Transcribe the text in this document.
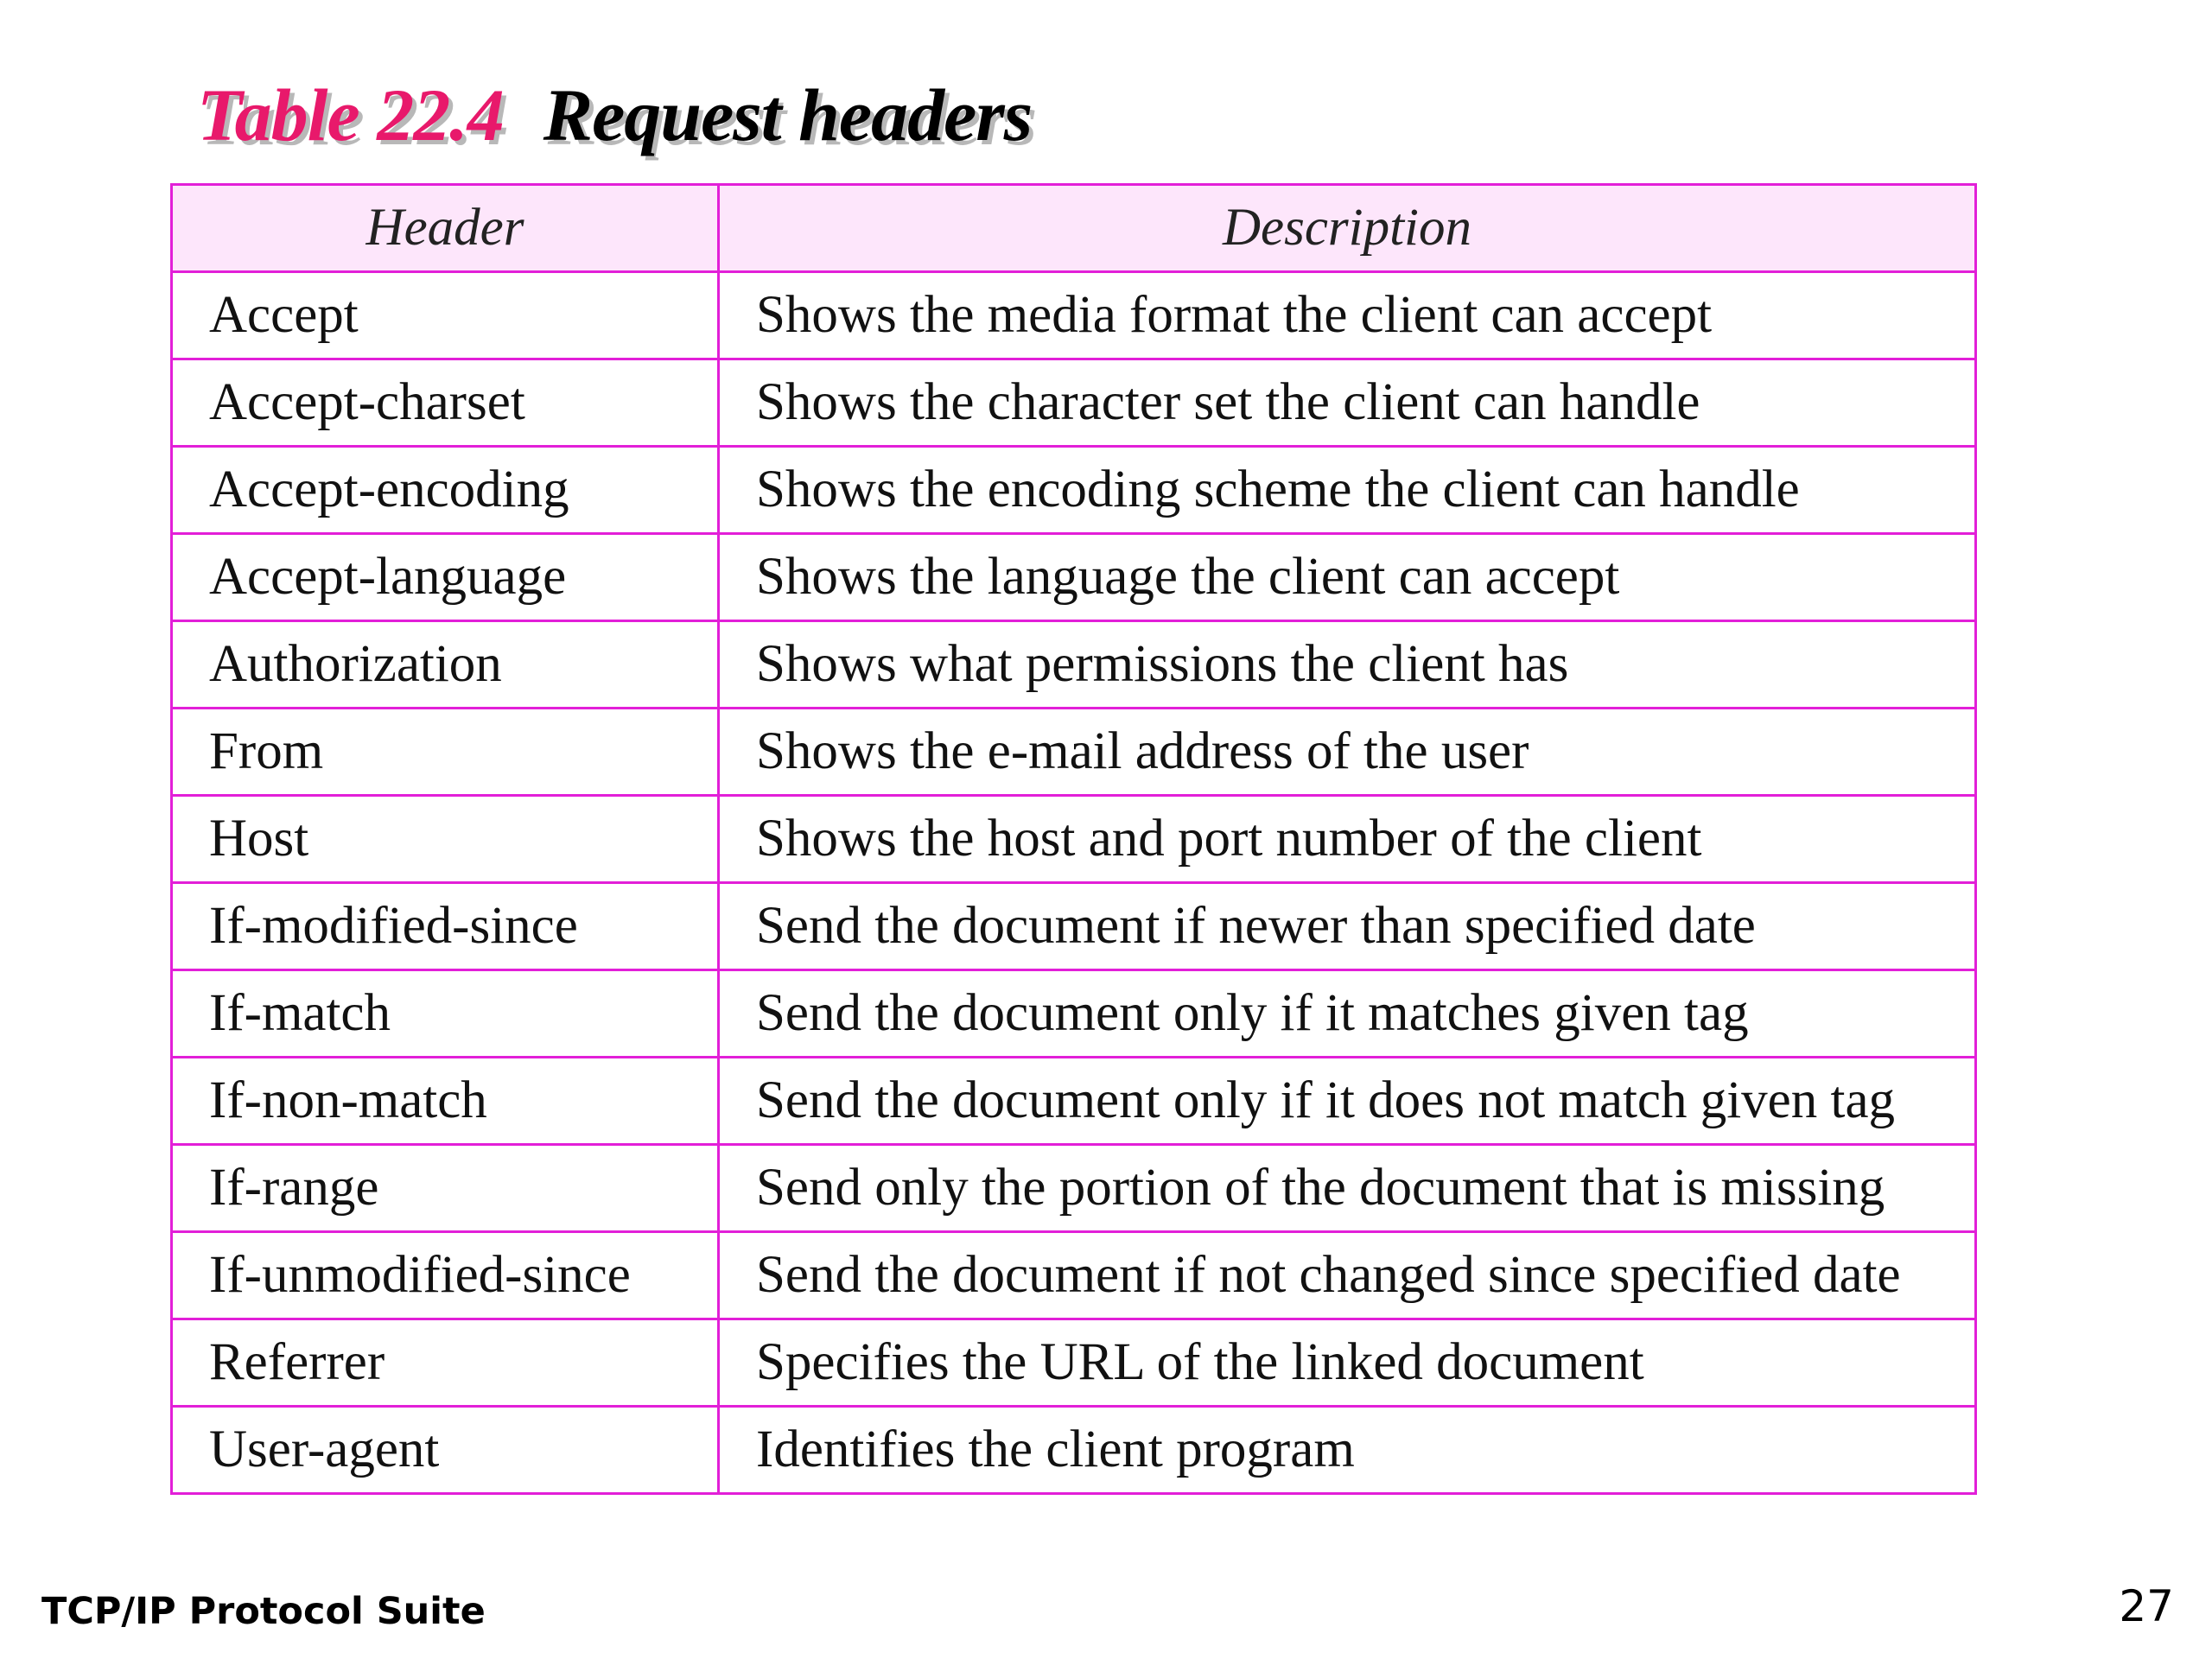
Table 22.4 Request headers
Header	Description
Accept	Shows the media format the client can accept
Accept-charset	Shows the character set the client can handle
Accept-encoding	Shows the encoding scheme the client can handle
Accept-language	Shows the language the client can accept
Authorization	Shows what permissions the client has
From	Shows the e-mail address of the user
Host	Shows the host and port number of the client
If-modified-since	Send the document if newer than specified date
If-match	Send the document only if it matches given tag
If-non-match	Send the document only if it does not match given tag
If-range	Send only the portion of the document that is missing
If-unmodified-since	Send the document if not changed since specified date
Referrer	Specifies the URL of the linked document
User-agent	Identifies the client program
TCP/IP Protocol Suite	27
